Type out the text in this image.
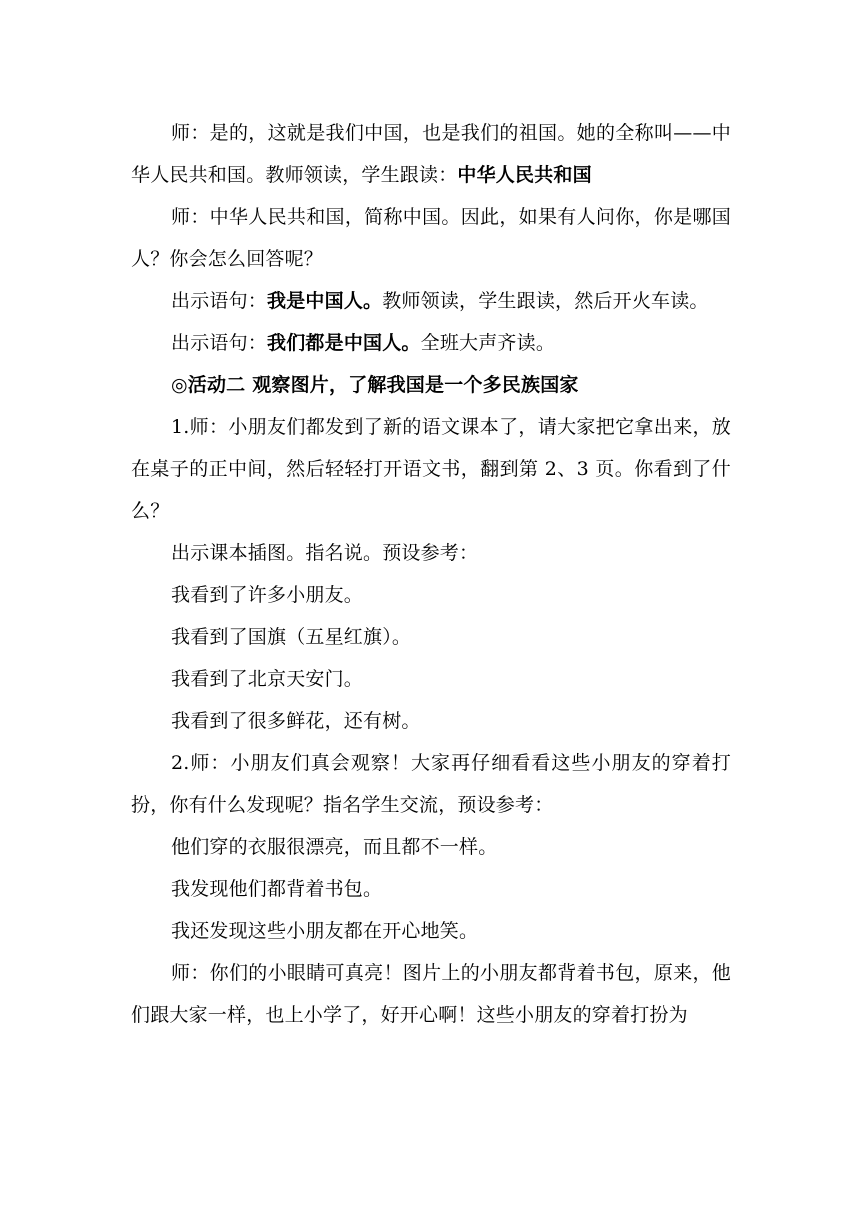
师：是的，这就是我们中国，也是我们的祖国。她的全称叫——中华人民共和国。教师领读，学生跟读：中华人民共和国

师：中华人民共和国，简称中国。因此，如果有人问你，你是哪国人？你会怎么回答呢？

出示语句：我是中国人。教师领读，学生跟读，然后开火车读。

出示语句：我们都是中国人。全班大声齐读。

◎活动二 观察图片，了解我国是一个多民族国家

1.师：小朋友们都发到了新的语文课本了，请大家把它拿出来，放在桌子的正中间，然后轻轻打开语文书，翻到第 2、3 页。你看到了什么？

出示课本插图。指名说。预设参考：

我看到了许多小朋友。

我看到了国旗（五星红旗）。

我看到了北京天安门。

我看到了很多鲜花，还有树。

2.师：小朋友们真会观察！大家再仔细看看这些小朋友的穿着打扮，你有什么发现呢？指名学生交流，预设参考：

他们穿的衣服很漂亮，而且都不一样。

我发现他们都背着书包。

我还发现这些小朋友都在开心地笑。

师：你们的小眼睛可真亮！图片上的小朋友都背着书包，原来，他们跟大家一样，也上小学了，好开心啊！这些小朋友的穿着打扮为
